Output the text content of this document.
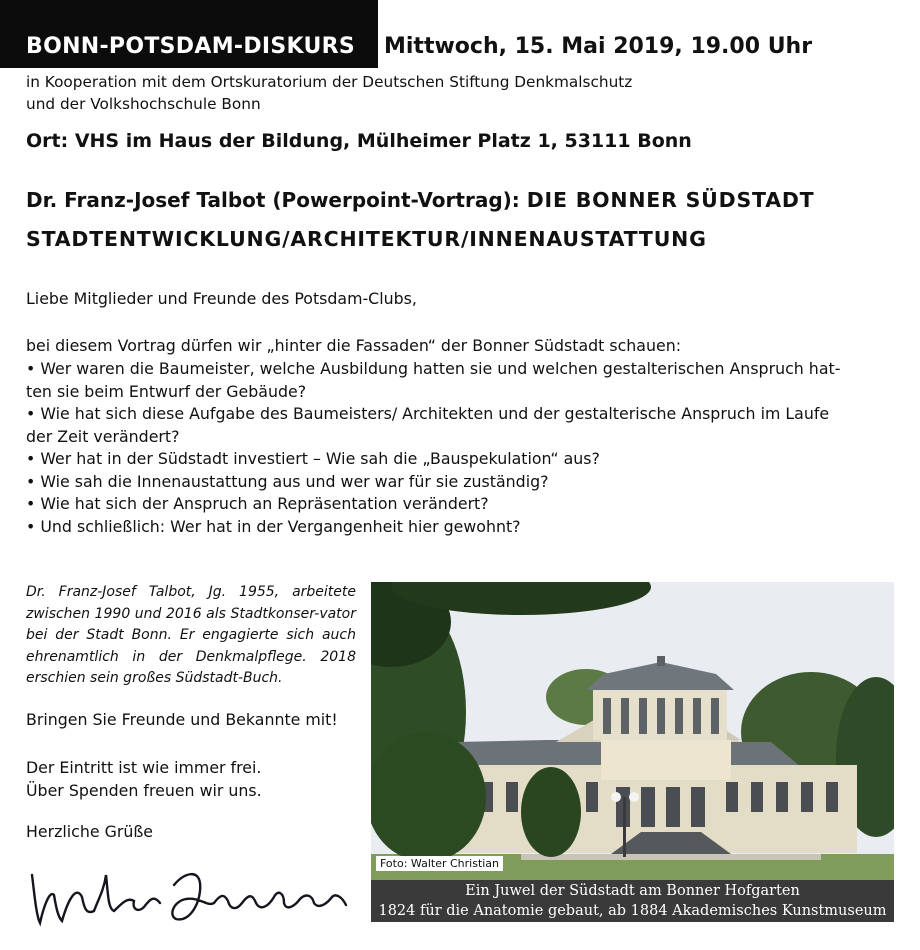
BONN-POTSDAM-DISKURS Mittwoch, 15. Mai 2019, 19.00 Uhr
in Kooperation mit dem Ortskuratorium der Deutschen Stiftung Denkmalschutz
und der Volkshochschule Bonn
Ort: VHS im Haus der Bildung, Mülheimer Platz 1, 53111 Bonn
Dr. Franz-Josef Talbot (Powerpoint-Vortrag): DIE BONNER SÜDSTADT
STADTENTWICKLUNG/ARCHITEKTUR/INNENAUSTATTUNG
Liebe Mitglieder und Freunde des Potsdam-Clubs,
bei diesem Vortrag dürfen wir „hinter die Fassaden“ der Bonner Südstadt schauen:
• Wer waren die Baumeister, welche Ausbildung hatten sie und welchen gestalterischen Anspruch hat-
ten sie beim Entwurf der Gebäude?
• Wie hat sich diese Aufgabe des Baumeisters/ Architekten und der gestalterische Anspruch im Laufe
der Zeit verändert?
• Wer hat in der Südstadt investiert – Wie sah die „Bauspekulation“ aus?
• Wie sah die Innenaustattung aus und wer war für sie zuständig?
• Wie hat sich der Anspruch an Repräsentation verändert?
• Und schließlich: Wer hat in der Vergangenheit hier gewohnt?
Dr. Franz-Josef Talbot, Jg. 1955, arbeitete zwischen 1990 und 2016 als Stadtkonser-vator bei der Stadt Bonn. Er engagierte sich auch ehrenamtlich in der Denkmalpflege. 2018 erschien sein großes Südstadt-Buch.
Bringen Sie Freunde und Bekannte mit!
Der Eintritt ist wie immer frei.
Über Spenden freuen wir uns.
Herzliche Grüße
Foto: Walter Christian
Ein Juwel der Südstadt am Bonner Hofgarten
1824 für die Anatomie gebaut, ab 1884 Akademisches Kunstmuseum
